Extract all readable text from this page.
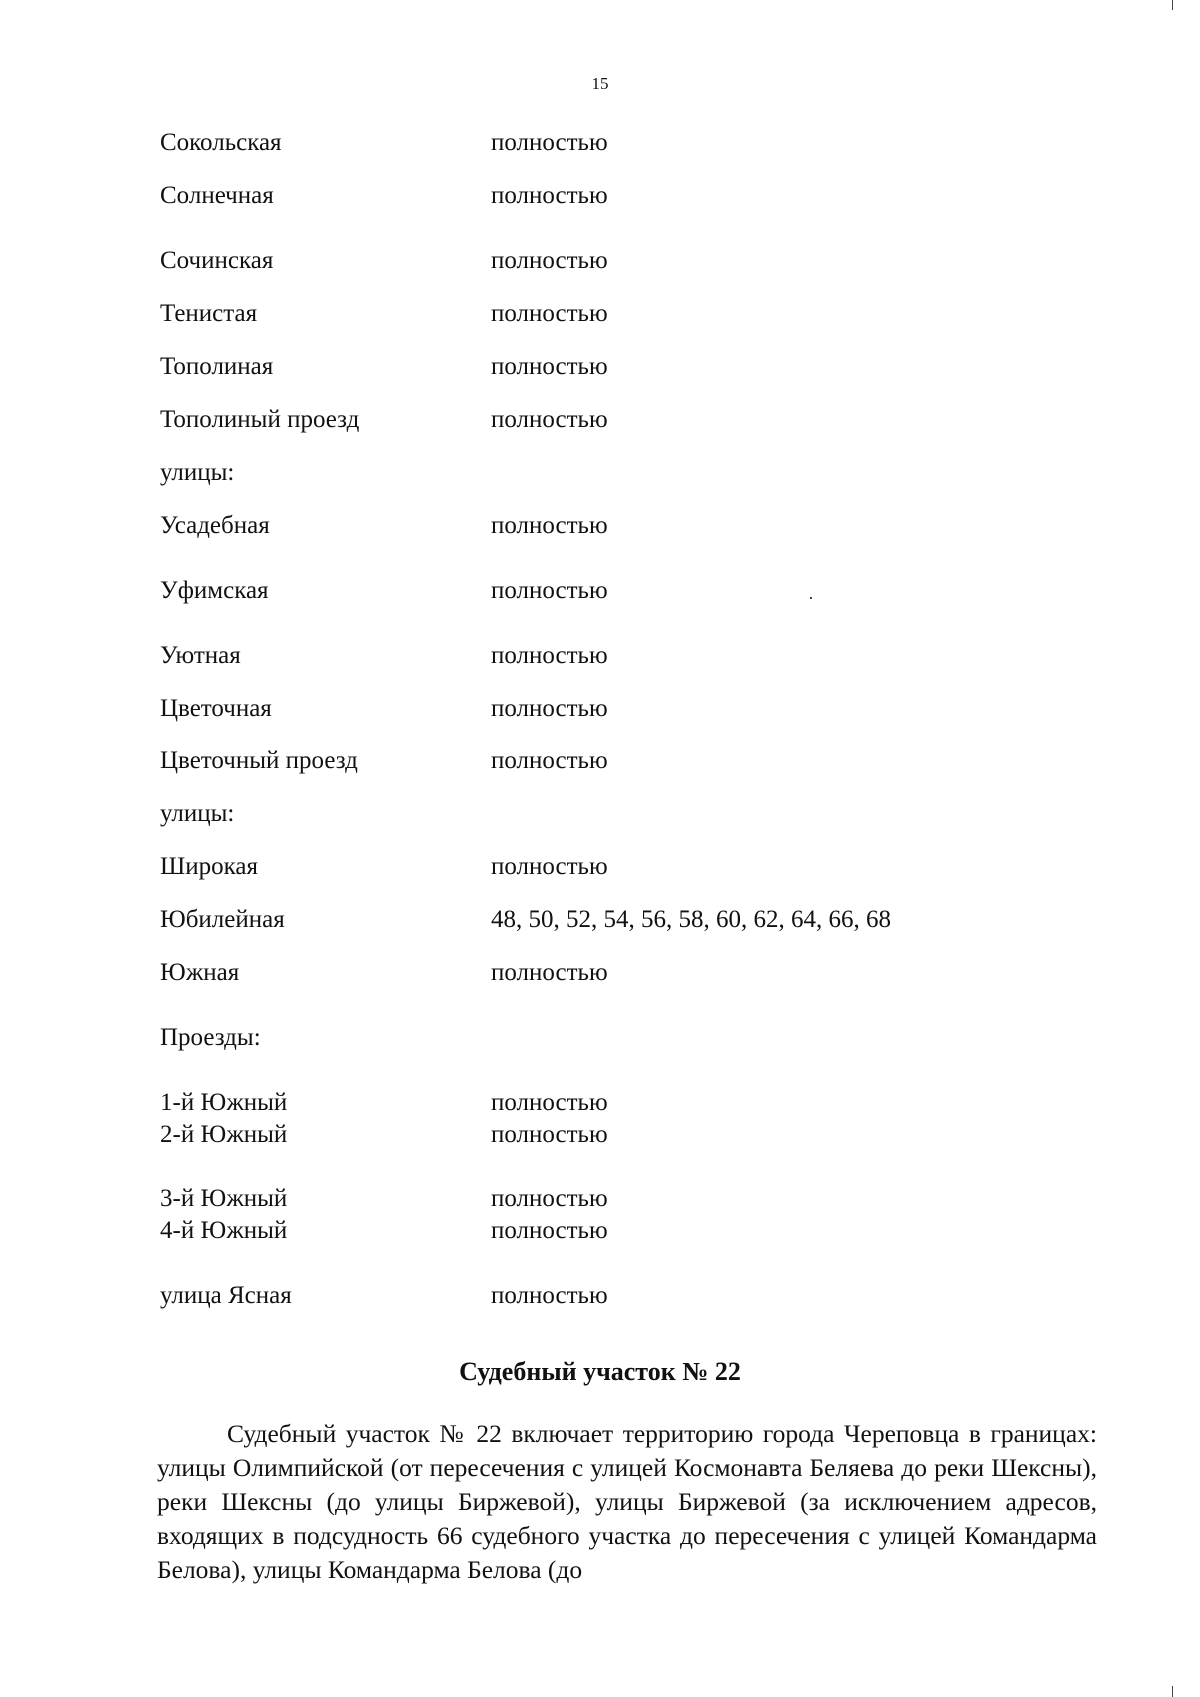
15
Сокольская	полностью
Солнечная	полностью
Сочинская	полностью
Тенистая	полностью
Тополиная	полностью
Тополиный проезд	полностью
улицы:
Усадебная	полностью
Уфимская	полностью
Уютная	полностью
Цветочная	полностью
Цветочный проезд	полностью
улицы:
Широкая	полностью
Юбилейная	48, 50, 52, 54, 56, 58, 60, 62, 64, 66, 68
Южная	полностью
Проезды:
1-й Южный	полностью
2-й Южный	полностью
3-й Южный	полностью
4-й Южный	полностью
улица Ясная	полностью
Судебный участок № 22
Судебный участок № 22 включает территорию города Череповца в границах: улицы Олимпийской (от пересечения с улицей Космонавта Беляева до реки Шексны), реки Шексны (до улицы Биржевой), улицы Биржевой (за исключением адресов, входящих в подсудность 66 судебного участка до пересечения с улицей Командарма Белова), улицы Командарма Белова (до
